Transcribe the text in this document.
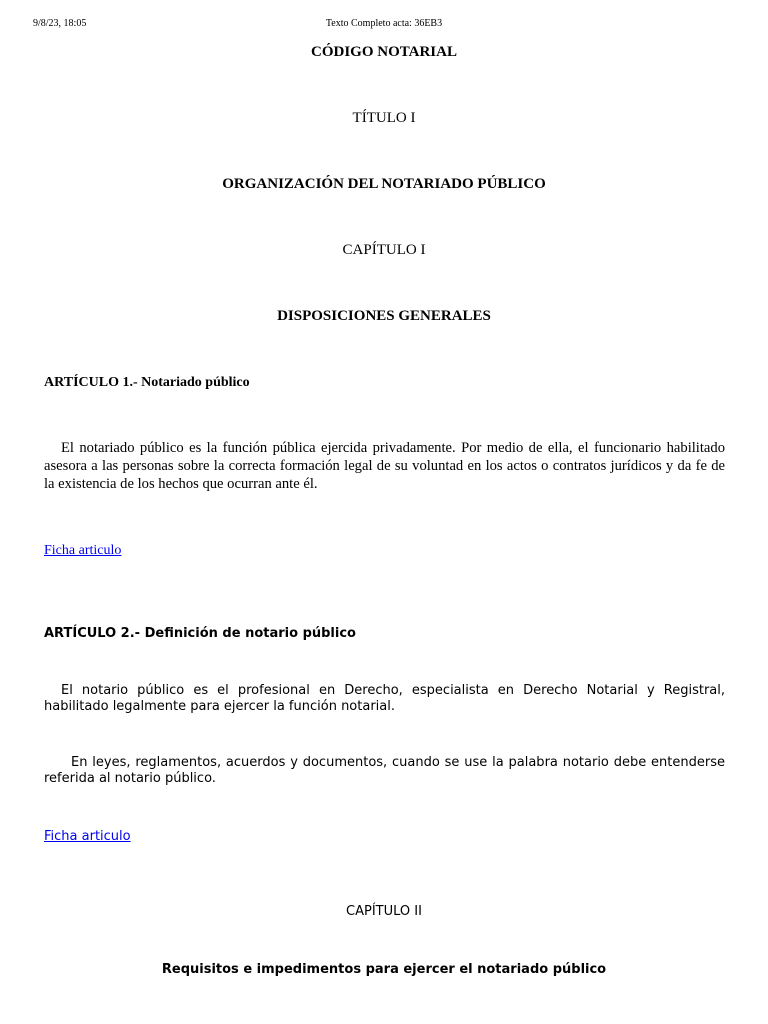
9/8/23, 18:05	Texto Completo acta: 36EB3
CÓDIGO NOTARIAL
TÍTULO I
ORGANIZACIÓN DEL NOTARIADO PÚBLICO
CAPÍTULO I
DISPOSICIONES GENERALES
ARTÍCULO 1.- Notariado público
El notariado público es la función pública ejercida privadamente. Por medio de ella, el funcionario habilitado asesora a las personas sobre la correcta formación legal de su voluntad en los actos o contratos jurídicos y da fe de la existencia de los hechos que ocurran ante él.
Ficha articulo
ARTÍCULO 2.- Definición de notario público
El notario público es el profesional en Derecho, especialista en Derecho Notarial y Registral, habilitado legalmente para ejercer la función notarial.
En leyes, reglamentos, acuerdos y documentos, cuando se use la palabra notario debe entenderse referida al notario público.
Ficha articulo
CAPÍTULO II
Requisitos e impedimentos para ejercer el notariado público
